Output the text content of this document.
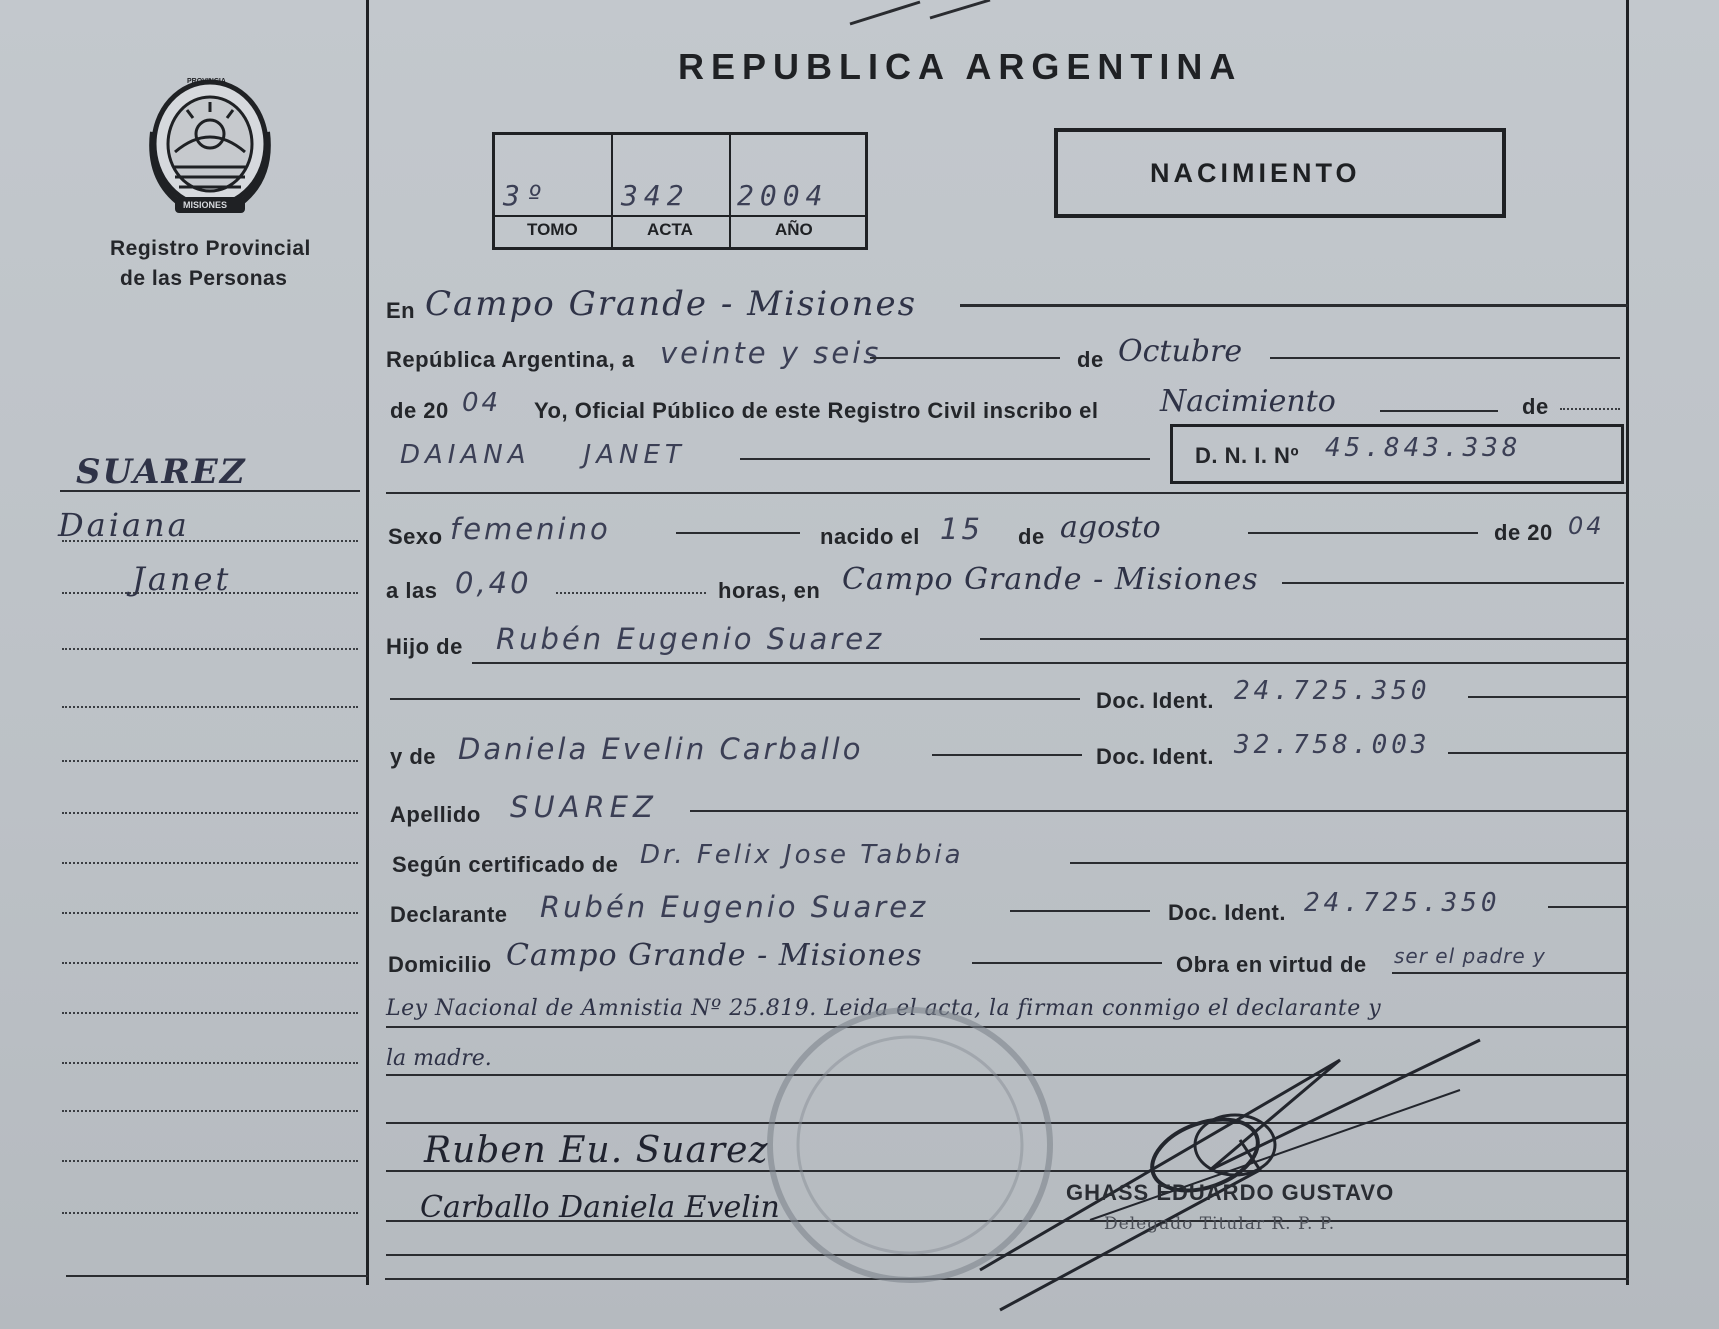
PROVINCIA
MISIONES
Registro Provincial
de las Personas
REPUBLICA ARGENTINA
3º	342 2004
TOMO	ACTA	AÑO
NACIMIENTO
SUAREZ
Daiana
Janet
En Campo Grande - Misiones
República Argentina, a veinte y seis	de Octubre
de 20 04 Yo, Oficial Público de este Registro Civil inscribo el Nacimiento	de
DAIANA    JANET	D. N. I. Nº 45.843.338
Sexo femenino	nacido el 15 de agosto	de 20 04
a las 0,40	horas, en Campo Grande - Misiones
Hijo de Rubén Eugenio Suarez
Doc. Ident. 24.725.350
y de Daniela Evelin Carballo	Doc. Ident. 32.758.003
Apellido SUAREZ
Según certificado de Dr. Felix Jose Tabbia
Declarante Rubén Eugenio Suarez	Doc. Ident. 24.725.350
Domicilio Campo Grande - Misiones	Obra en virtud de ser el padre y
Ley Nacional de Amnistia Nº 25.819. Leida el acta, la firman conmigo el declarante y
la madre.
Ruben Eu. Suarez
Carballo Daniela Evelin	GHASS EDUARDO GUSTAVO
Delegado Titular R. P. P.
